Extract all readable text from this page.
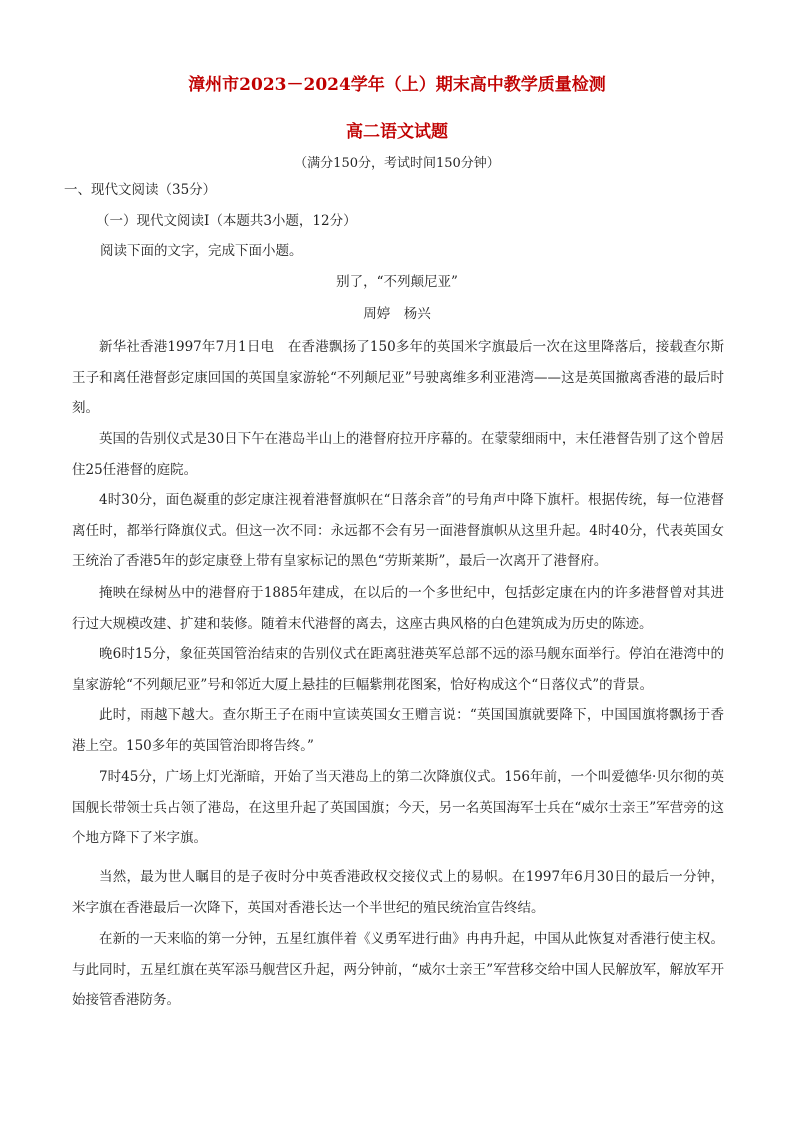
漳州市2023－2024学年（上）期末高中教学质量检测
高二语文试题
（满分150分，考试时间150分钟）
一、现代文阅读（35分）
（一）现代文阅读Ⅰ（本题共3小题，12分）
阅读下面的文字，完成下面小题。
别了，“不列颠尼亚”
周婷　杨兴
新华社香港1997年7月1日电　在香港飘扬了150多年的英国米字旗最后一次在这里降落后，接载查尔斯王子和离任港督彭定康回国的英国皇家游轮“不列颠尼亚”号驶离维多利亚港湾——这是英国撤离香港的最后时刻。
英国的告别仪式是30日下午在港岛半山上的港督府拉开序幕的。在蒙蒙细雨中，末任港督告别了这个曾居住25任港督的庭院。
4时30分，面色凝重的彭定康注视着港督旗帜在“日落余音”的号角声中降下旗杆。根据传统，每一位港督离任时，都举行降旗仪式。但这一次不同：永远都不会有另一面港督旗帜从这里升起。4时40分，代表英国女王统治了香港5年的彭定康登上带有皇家标记的黑色“劳斯莱斯”，最后一次离开了港督府。
掩映在绿树丛中的港督府于1885年建成，在以后的一个多世纪中，包括彭定康在内的许多港督曾对其进行过大规模改建、扩建和装修。随着末代港督的离去，这座古典风格的白色建筑成为历史的陈迹。
晚6时15分，象征英国管治结束的告别仪式在距离驻港英军总部不远的添马舰东面举行。停泊在港湾中的皇家游轮“不列颠尼亚”号和邻近大厦上悬挂的巨幅紫荆花图案，恰好构成这个“日落仪式”的背景。
此时，雨越下越大。查尔斯王子在雨中宣读英国女王赠言说：“英国国旗就要降下，中国国旗将飘扬于香港上空。150多年的英国管治即将告终。”
7时45分，广场上灯光渐暗，开始了当天港岛上的第二次降旗仪式。156年前，一个叫爱德华·贝尔彻的英国舰长带领士兵占领了港岛，在这里升起了英国国旗；今天，另一名英国海军士兵在“威尔士亲王”军营旁的这个地方降下了米字旗。
当然，最为世人瞩目的是子夜时分中英香港政权交接仪式上的易帜。在1997年6月30日的最后一分钟，米字旗在香港最后一次降下，英国对香港长达一个半世纪的殖民统治宣告终结。
在新的一天来临的第一分钟，五星红旗伴着《义勇军进行曲》冉冉升起，中国从此恢复对香港行使主权。与此同时，五星红旗在英军添马舰营区升起，两分钟前，“威尔士亲王”军营移交给中国人民解放军，解放军开始接管香港防务。
